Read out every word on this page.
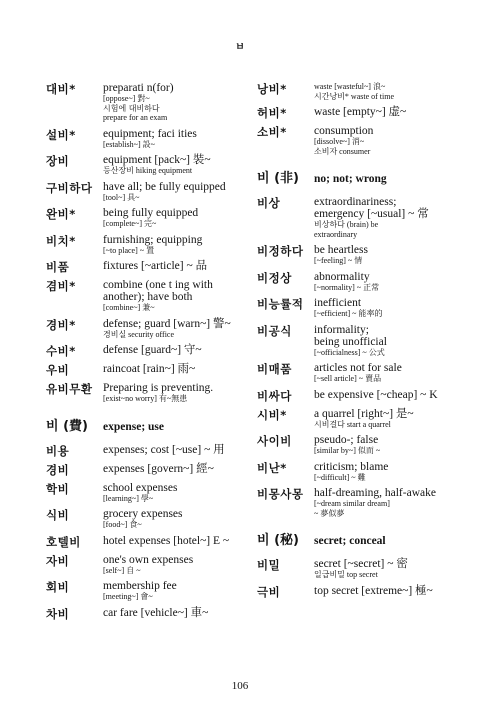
ㅂ
대비*	preparati n(for)
[oppose~] 對~
시험에 대비하다
prepare for an exam
설비*	equipment; faci ities
[establish~] 設~
장비	equipment [pack~] 裝~
등산장비 hiking equipment
구비하다 have all; be fully equipped
[tool~] 具~
완비*	being fully equipped
[complete~] 完~
비치*	furnishing; equipping
[~to place] ~ 置
비품	fixtures [~article] ~ 品
겸비*	combine (one t ing with
another); have both
[combine~] 兼~
경비*	defense; guard [warn~] 警~
경비실 security office
수비*	defense [guard~] 守~
우비	raincoat [rain~] 雨~
유비무환 Preparing is preventing.
[exist~no worry] 有~無患
비 (費)	expense; use
비용	expenses; cost [~use] ~ 用
경비	expenses [govern~] 經~
학비	school expenses
[learning~] 學~
식비	grocery expenses
[food~] 食~
호텔비	hotel expenses [hotel~] E ~
자비	one's own expenses
[self~] 自 ~
회비	membership fee
[meeting~] 會~
차비	car fare [vehicle~] 車~
낭비*	waste [wasteful~] 浪~
시간낭비* waste of time
허비*	waste [empty~] 虚~
소비*	consumption
[dissolve~] 消~
소비자 consumer
비 (非)	no; not; wrong
비상	extraordinariness;
emergency [~usual] ~ 常
비상하다 (brain) be
extraordinary
비정하다 be heartless
[~feeling] ~ 情
비정상	abnormality
[~normality] ~ 正常
비능률적 inefficient
[~efficient] ~ 能率的
비공식	informality;
being unofficial
[~officialness] ~ 公式
비매품	articles not for sale
[~sell article] ~ 賣品
비싸다	be expensive [~cheap] ~ K
시비*	a quarrel [right~] 是~
시비걸다 start a quarrel
사이비	pseudo-; false
[similar by~] 似而 ~
비난*	criticism; blame
[~difficult] ~ 難
비몽사몽 half-dreaming, half-awake
[~dream similar dream]
~ 夢似夢
비 (秘)	secret; conceal
비밀	secret [~secret] ~ 密
일급비밀 top secret
극비	top secret [extreme~] 極~
106
